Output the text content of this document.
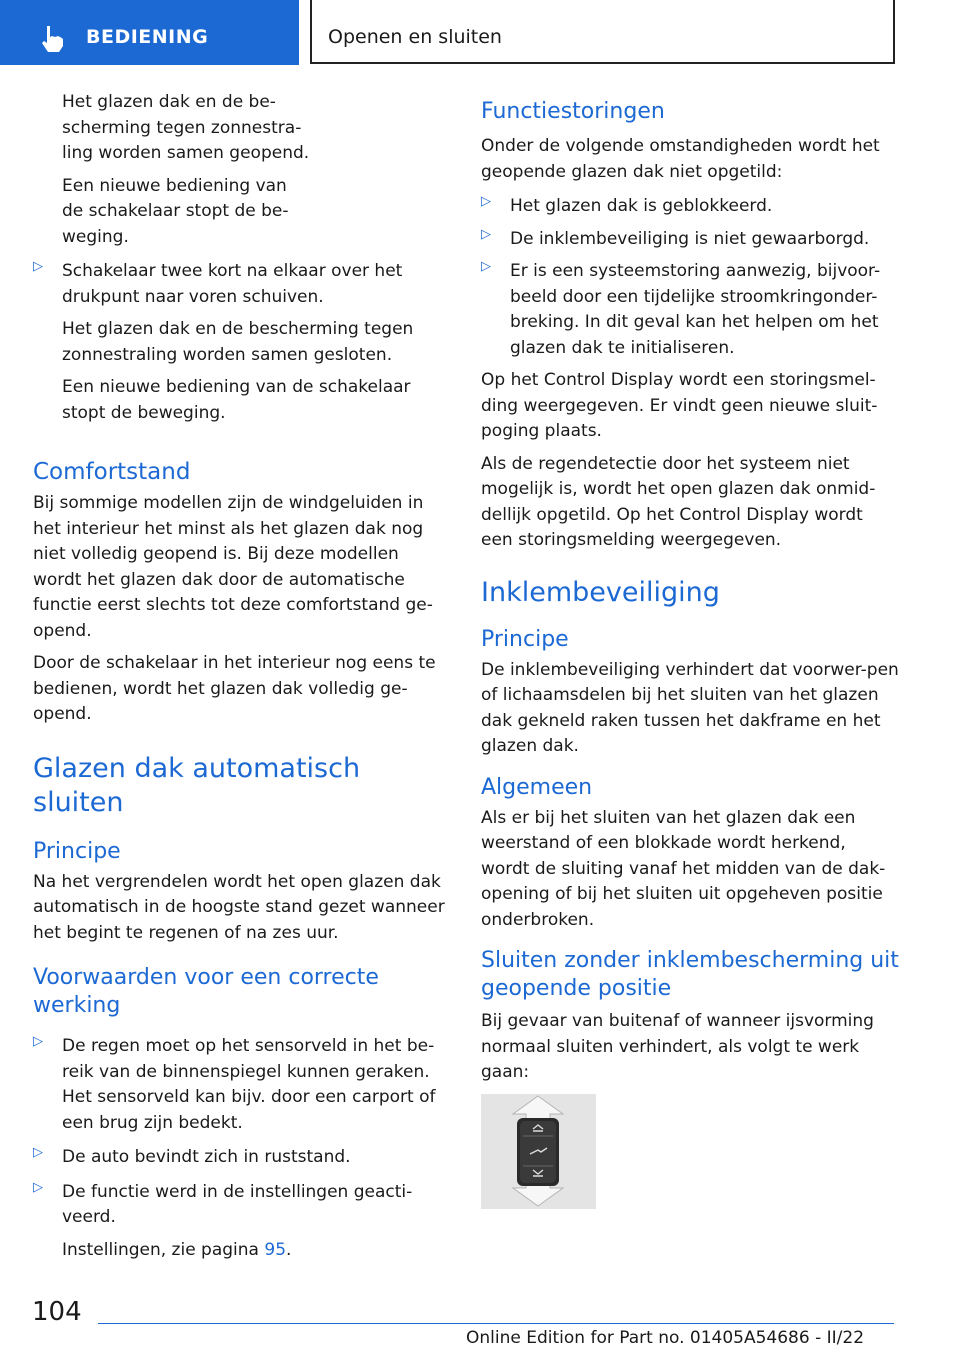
BEDIENING	Openen en sluiten

Het glazen dak en de be-
scherming tegen zonnestra-
ling worden samen geopend.

Een nieuwe bediening van
de schakelaar stopt de be-
weging.

▷ Schakelaar twee kort na elkaar over het drukpunt naar voren schuiven.

Het glazen dak en de bescherming tegen zonnestraling worden samen gesloten.

Een nieuwe bediening van de schakelaar stopt de beweging.

Comfortstand

Bij sommige modellen zijn de windgeluiden in het interieur het minst als het glazen dak nog niet volledig geopend is. Bij deze modellen wordt het glazen dak door de automatische functie eerst slechts tot deze comfortstand ge-opend.

Door de schakelaar in het interieur nog eens te bedienen, wordt het glazen dak volledig ge-opend.

Glazen dak automatisch sluiten
Principe

Na het vergrendelen wordt het open glazen dak automatisch in de hoogste stand gezet wanneer het begint te regenen of na zes uur.

Voorwaarden voor een correcte werking
▷ De regen moet op het sensorveld in het be-reik van de binnenspiegel kunnen geraken. Het sensorveld kan bijv. door een carport of een brug zijn bedekt.

▷ De auto bevindt zich in ruststand.

▷ De functie werd in de instellingen geacti-veerd.

Instellingen, zie pagina 95.

Functiestoringen

Onder de volgende omstandigheden wordt het geopende glazen dak niet opgetild:

▷ Het glazen dak is geblokkeerd.

▷ De inklembeveiliging is niet gewaarborgd.

▷ Er is een systeemstoring aanwezig, bijvoor-beeld door een tijdelijke stroomkringonder-breking. In dit geval kan het helpen om het glazen dak te initialiseren.

Op het Control Display wordt een storingsmel-ding weergegeven. Er vindt geen nieuwe sluit-poging plaats.

Als de regendetectie door het systeem niet mogelijk is, wordt het open glazen dak onmid-dellijk opgetild. Op het Control Display wordt een storingsmelding weergegeven.

Inklembeveiliging
Principe

De inklembeveiliging verhindert dat voorwer-pen of lichaamsdelen bij het sluiten van het glazen dak gekneld raken tussen het dakframe en het glazen dak.

Algemeen

Als er bij het sluiten van het glazen dak een weerstand of een blokkade wordt herkend, wordt de sluiting vanaf het midden van de dak-opening of bij het sluiten uit opgeheven positie onderbroken.

Sluiten zonder inklembescherming uit geopende positie

Bij gevaar van buitenaf of wanneer ijsvorming normaal sluiten verhindert, als volgt te werk gaan:

104
Online Edition for Part no. 01405A54686 - II/22
